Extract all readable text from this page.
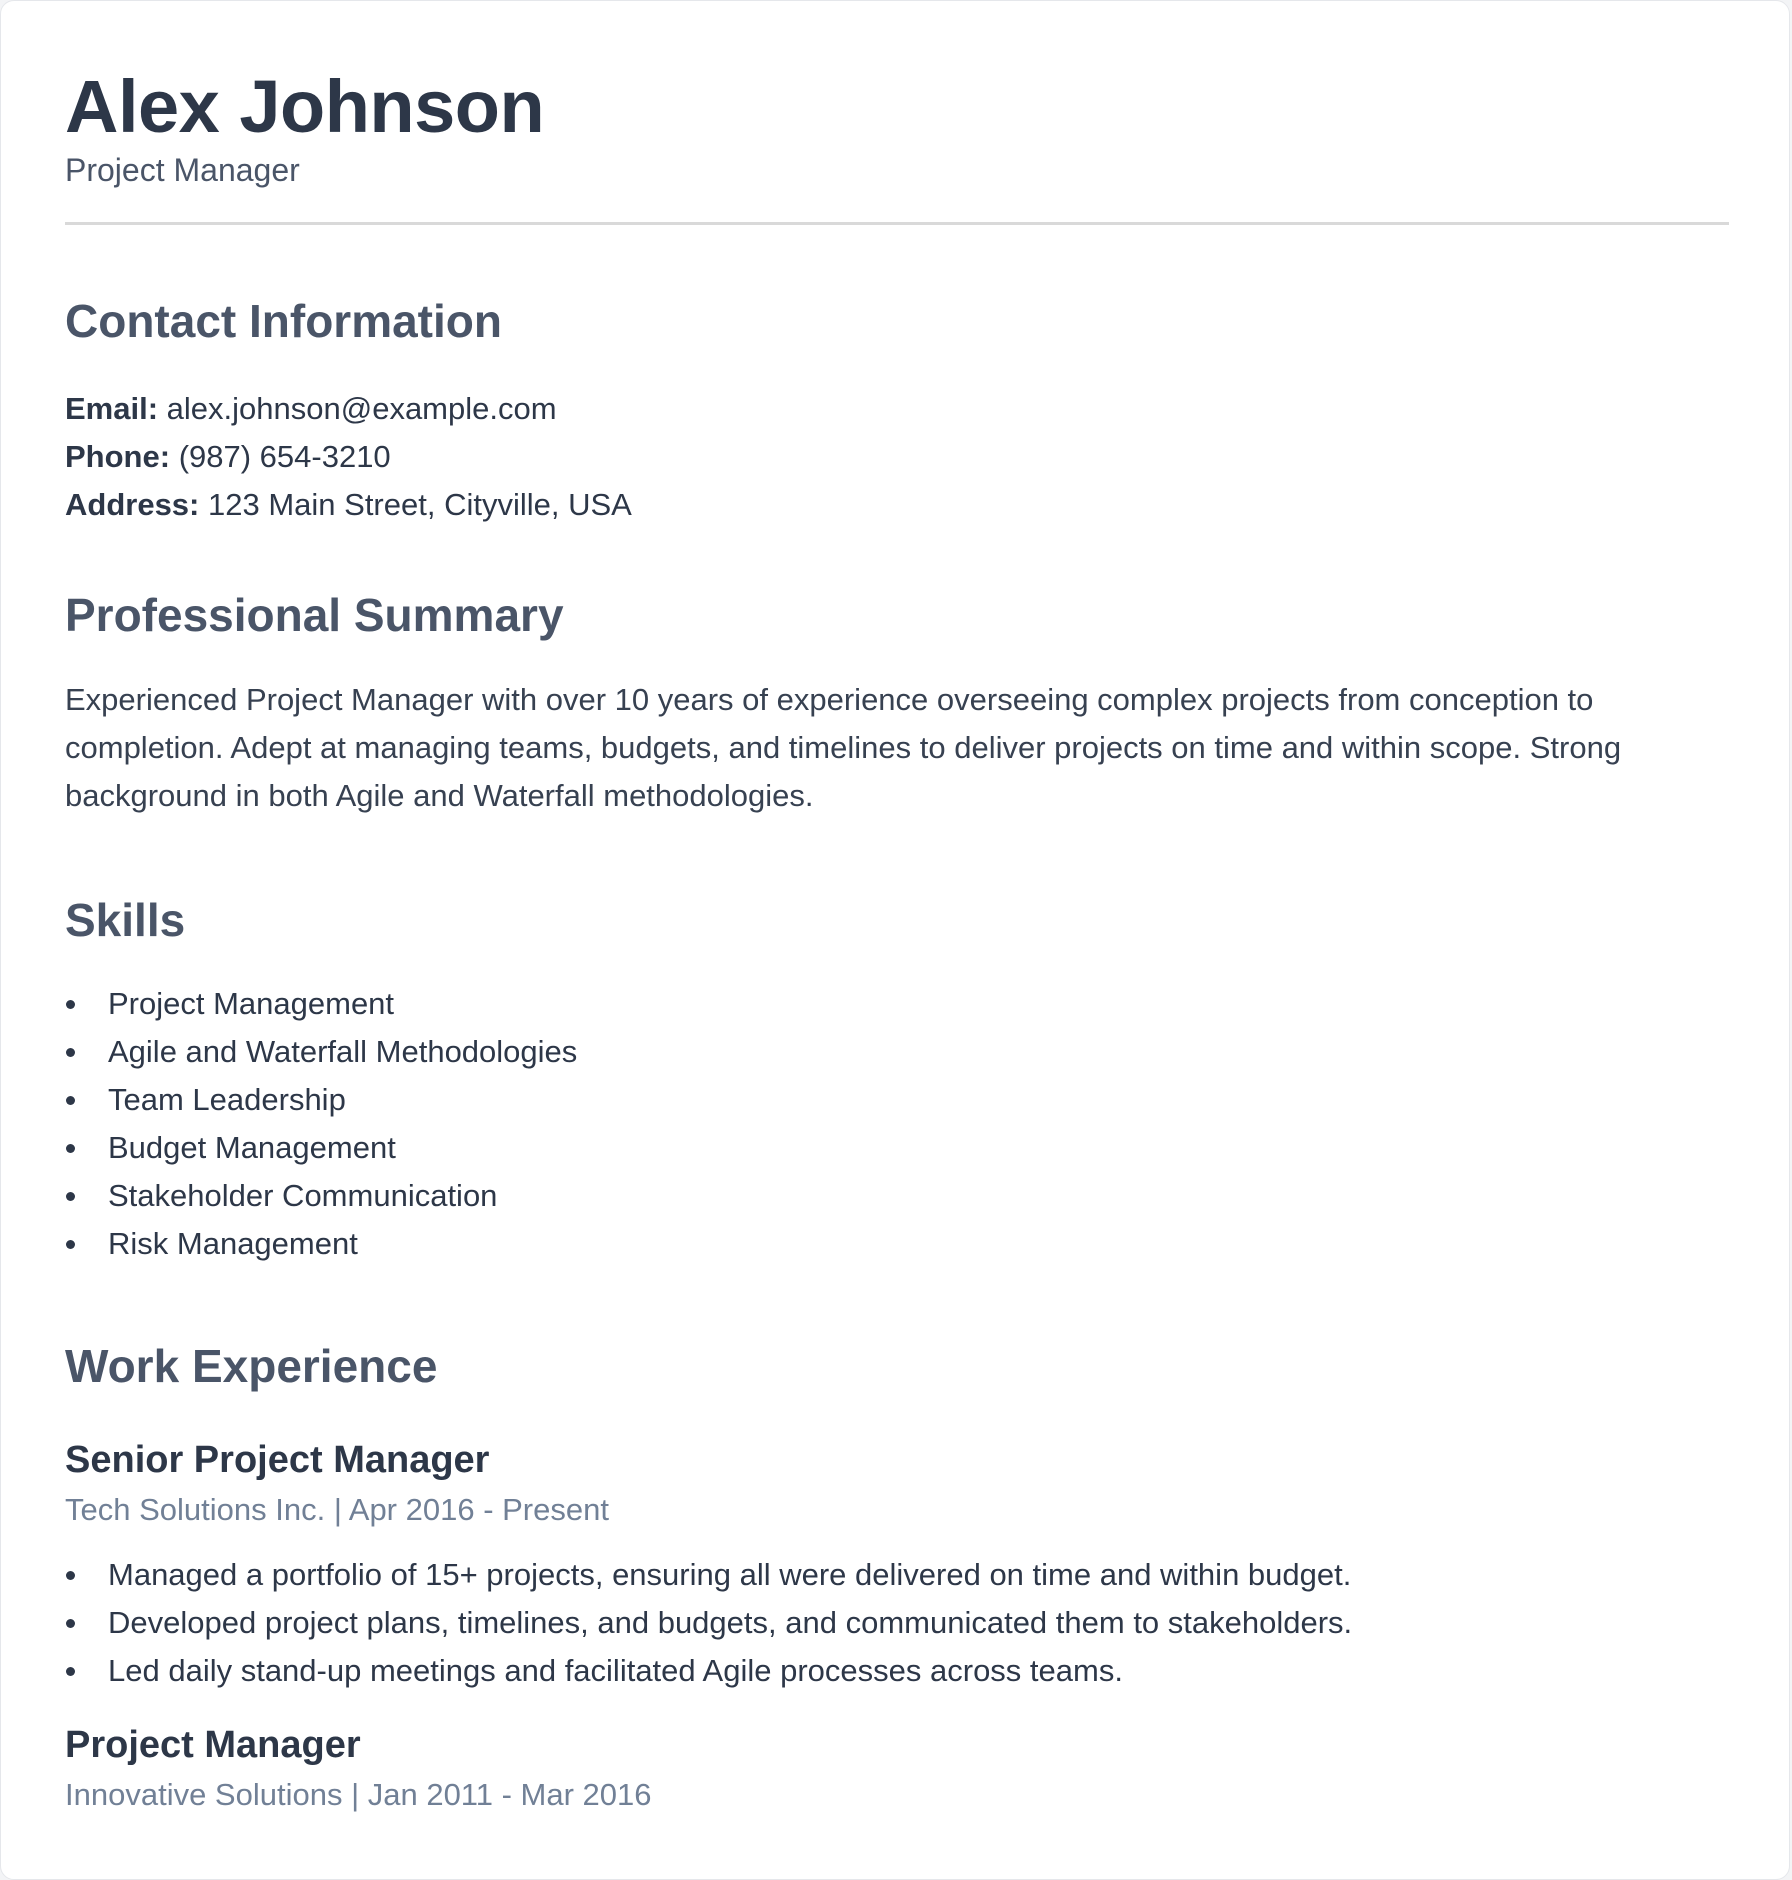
Alex Johnson

Project Manager

Contact Information
Email: alex.johnson@example.com
Phone: (987) 654-3210
Address: 123 Main Street, Cityville, USA
Professional Summary

Experienced Project Manager with over 10 years of experience overseeing complex projects from conception to completion. Adept at managing teams, budgets, and timelines to deliver projects on time and within scope. Strong background in both Agile and Waterfall methodologies.

Skills
Project Management
Agile and Waterfall Methodologies
Team Leadership
Budget Management
Stakeholder Communication
Risk Management
Work Experience
Senior Project Manager

Tech Solutions Inc. | Apr 2016 - Present

Managed a portfolio of 15+ projects, ensuring all were delivered on time and within budget.
Developed project plans, timelines, and budgets, and communicated them to stakeholders.
Led daily stand-up meetings and facilitated Agile processes across teams.
Project Manager

Innovative Solutions | Jan 2011 - Mar 2016
